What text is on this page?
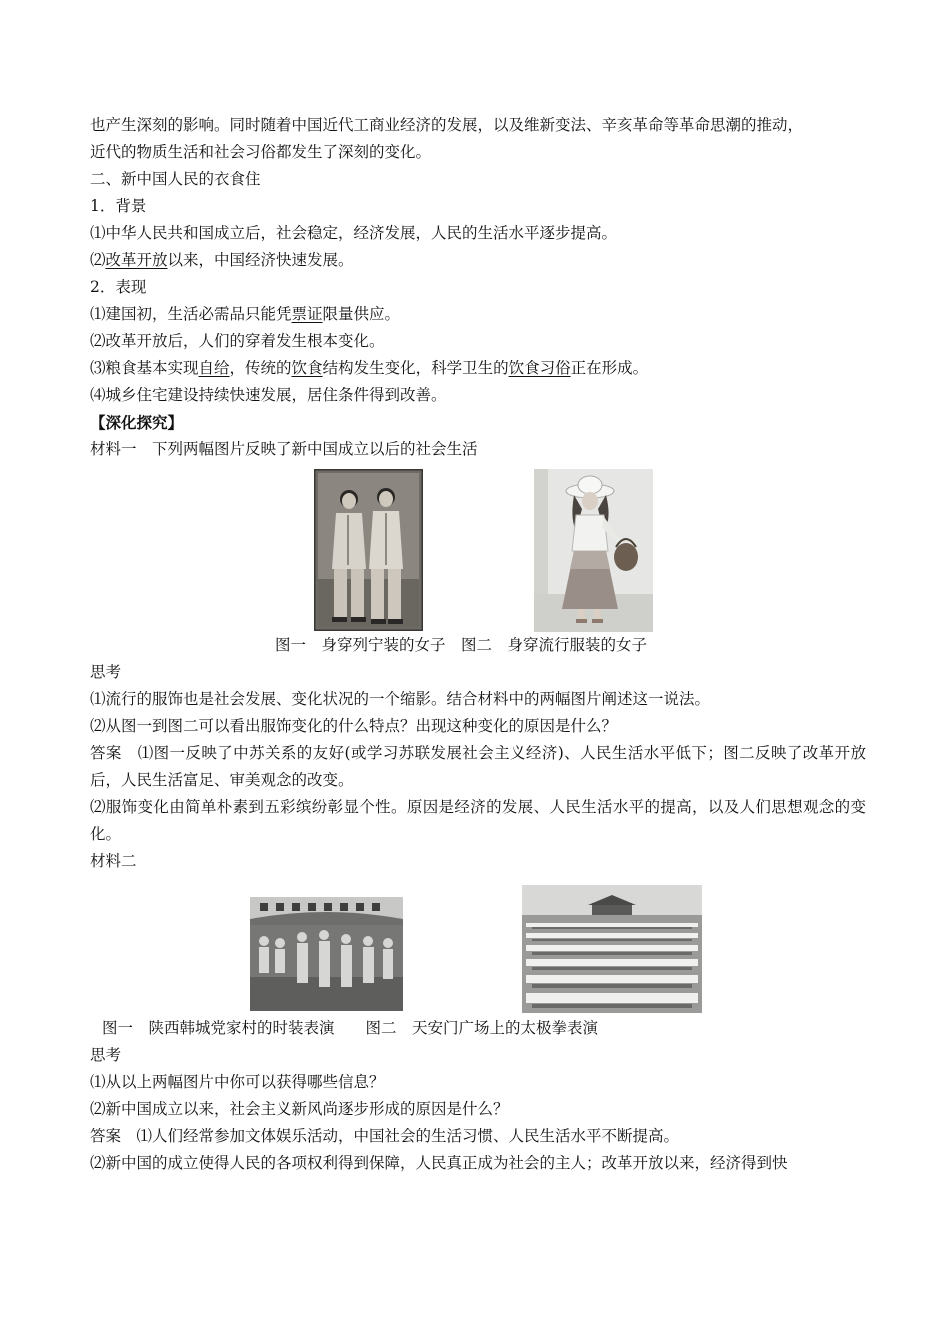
也产生深刻的影响。同时随着中国近代工商业经济的发展，以及维新变法、辛亥革命等革命思潮的推动，
近代的物质生活和社会习俗都发生了深刻的变化。
二、新中国人民的衣食住
1．背景
⑴中华人民共和国成立后，社会稳定，经济发展，人民的生活水平逐步提高。
⑵改革开放以来，中国经济快速发展。
2．表现
⑴建国初，生活必需品只能凭票证限量供应。
⑵改革开放后，人们的穿着发生根本变化。
⑶粮食基本实现自给，传统的饮食结构发生变化，科学卫生的饮食习俗正在形成。
⑷城乡住宅建设持续快速发展，居住条件得到改善。
【深化探究】
材料一　下列两幅图片反映了新中国成立以后的社会生活
图一　身穿列宁装的女子　图二　身穿流行服装的女子
思考
⑴流行的服饰也是社会发展、变化状况的一个缩影。结合材料中的两幅图片阐述这一说法。
⑵从图一到图二可以看出服饰变化的什么特点？出现这种变化的原因是什么？
答案　⑴图一反映了中苏关系的友好(或学习苏联发展社会主义经济)、人民生活水平低下；图二反映了改革开放后，人民生活富足、审美观念的改变。
⑵服饰变化由简单朴素到五彩缤纷彰显个性。原因是经济的发展、人民生活水平的提高，以及人们思想观念的变化。
材料二
图一　陕西韩城党家村的时装表演　　图二　天安门广场上的太极拳表演
思考
⑴从以上两幅图片中你可以获得哪些信息？
⑵新中国成立以来，社会主义新风尚逐步形成的原因是什么？
答案　⑴人们经常参加文体娱乐活动，中国社会的生活习惯、人民生活水平不断提高。
⑵新中国的成立使得人民的各项权利得到保障，人民真正成为社会的主人；改革开放以来，经济得到快
